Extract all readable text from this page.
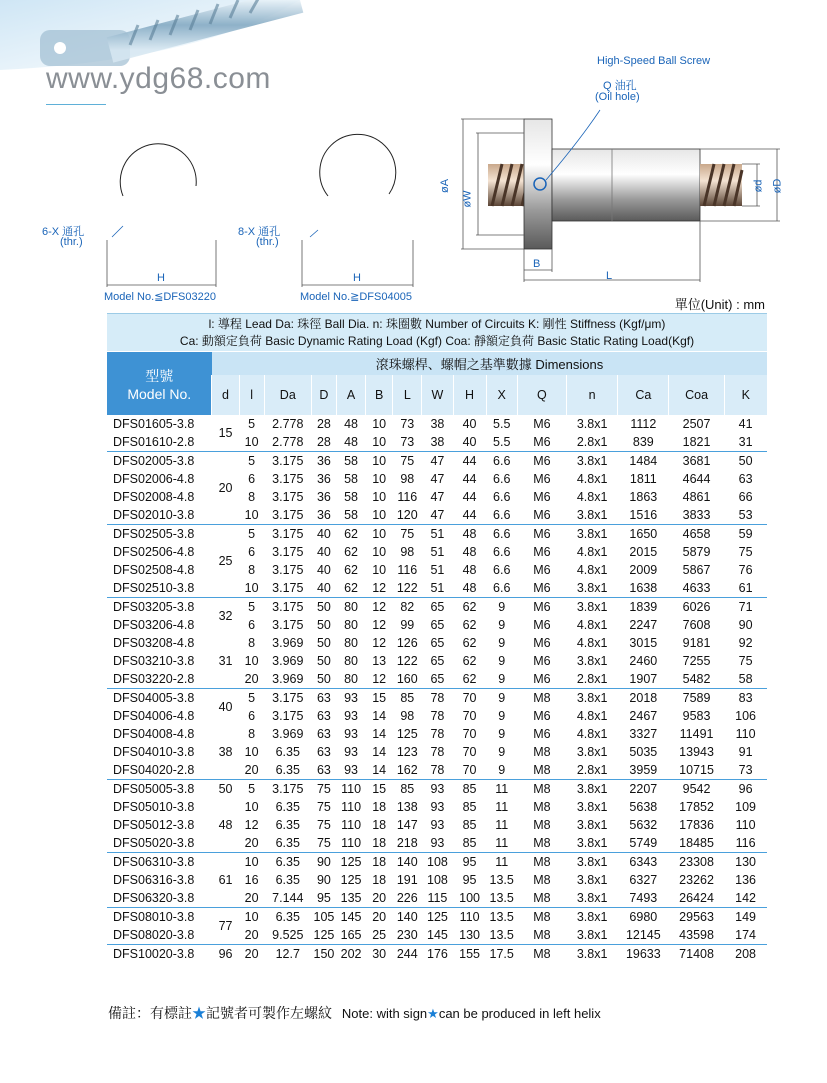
www.ydg68.com
High-Speed Ball Screw
Q 油孔
(Oil hole)
øA
øW
ød øD
B
L
6-X 通孔
(thr.)
H
Model No.≦DFS03220
8-X 通孔
(thr.)
H
Model No.≧DFS04005	單位(Unit) : mm
l: 導程 Lead Da: 珠徑 Ball Dia. n: 珠圈數 Number of Circuits K: 剛性 Stiffness (Kgf/μm)
Ca: 動額定負荷 Basic Dynamic Rating Load (Kgf) Coa: 靜額定負荷 Basic Static Rating Load(Kgf)
型號
Model No.	滾珠螺桿、螺帽之基準數據 Dimensions														
	d	l	Da	D	A	B	L	W	H	X	Q	n	Ca	Coa	K
DFS01605-3.8	15	5	2.778	28	48	10	73	38	40	5.5	M6	3.8x1	1112	2507	41
DFS01610-2.8		10	2.778	28	48	10	73	38	40	5.5	M6	2.8x1	839	1821	31
DFS02005-3.8	20	5	3.175	36	58	10	75	47	44	6.6	M6	3.8x1	1484	3681	50
DFS02006-4.8		6	3.175	36	58	10	98	47	44	6.6	M6	4.8x1	1811	4644	63
DFS02008-4.8		8	3.175	36	58	10	116	47	44	6.6	M6	4.8x1	1863	4861	66
DFS02010-3.8		10	3.175	36	58	10	120	47	44	6.6	M6	3.8x1	1516	3833	53
DFS02505-3.8	25	5	3.175	40	62	10	75	51	48	6.6	M6	3.8x1	1650	4658	59
DFS02506-4.8		6	3.175	40	62	10	98	51	48	6.6	M6	4.8x1	2015	5879	75
DFS02508-4.8		8	3.175	40	62	10	116	51	48	6.6	M6	4.8x1	2009	5867	76
DFS02510-3.8		10	3.175	40	62	12	122	51	48	6.6	M6	3.8x1	1638	4633	61
DFS03205-3.8	32	5	3.175	50	80	12	82	65	62	9	M6	3.8x1	1839	6026	71
DFS03206-4.8		6	3.175	50	80	12	99	65	62	9	M6	4.8x1	2247	7608	90
DFS03208-4.8	31	8	3.969	50	80	12	126	65	62	9	M6	4.8x1	3015	9181	92
DFS03210-3.8		10	3.969	50	80	13	122	65	62	9	M6	3.8x1	2460	7255	75
DFS03220-2.8		20	3.969	50	80	12	160	65	62	9	M6	2.8x1	1907	5482	58
DFS04005-3.8	40	5	3.175	63	93	15	85	78	70	9	M8	3.8x1	2018	7589	83
DFS04006-4.8		6	3.175	63	93	14	98	78	70	9	M6	4.8x1	2467	9583	106
DFS04008-4.8	38	8	3.969	63	93	14	125	78	70	9	M6	4.8x1	3327	11491	110
DFS04010-3.8		10	6.35	63	93	14	123	78	70	9	M8	3.8x1	5035	13943	91
DFS04020-2.8		20	6.35	63	93	14	162	78	70	9	M8	2.8x1	3959	10715	73
DFS05005-3.8	50	5	3.175	75	110	15	85	93	85	11	M8	3.8x1	2207	9542	96
DFS05010-3.8	48	10	6.35	75	110	18	138	93	85	11	M8	3.8x1	5638	17852	109
DFS05012-3.8		12	6.35	75	110	18	147	93	85	11	M8	3.8x1	5632	17836	110
DFS05020-3.8		20	6.35	75	110	18	218	93	85	11	M8	3.8x1	5749	18485	116
DFS06310-3.8	61	10	6.35	90	125	18	140	108	95	11	M8	3.8x1	6343	23308	130
DFS06316-3.8		16	6.35	90	125	18	191	108	95	13.5	M8	3.8x1	6327	23262	136
DFS06320-3.8		20	7.144	95	135	20	226	115	100	13.5	M8	3.8x1	7493	26424	142
DFS08010-3.8	77	10	6.35	105	145	20	140	125	110	13.5	M8	3.8x1	6980	29563	149
DFS08020-3.8		20	9.525	125	165	25	230	145	130	13.5	M8	3.8x1	12145	43598	174
DFS10020-3.8	96	20	12.7	150	202	30	244	176	155	17.5	M8	3.8x1	19633	71408	208
備註：有標註★記號者可製作左螺紋 Note: with sign★can be produced in left helix
